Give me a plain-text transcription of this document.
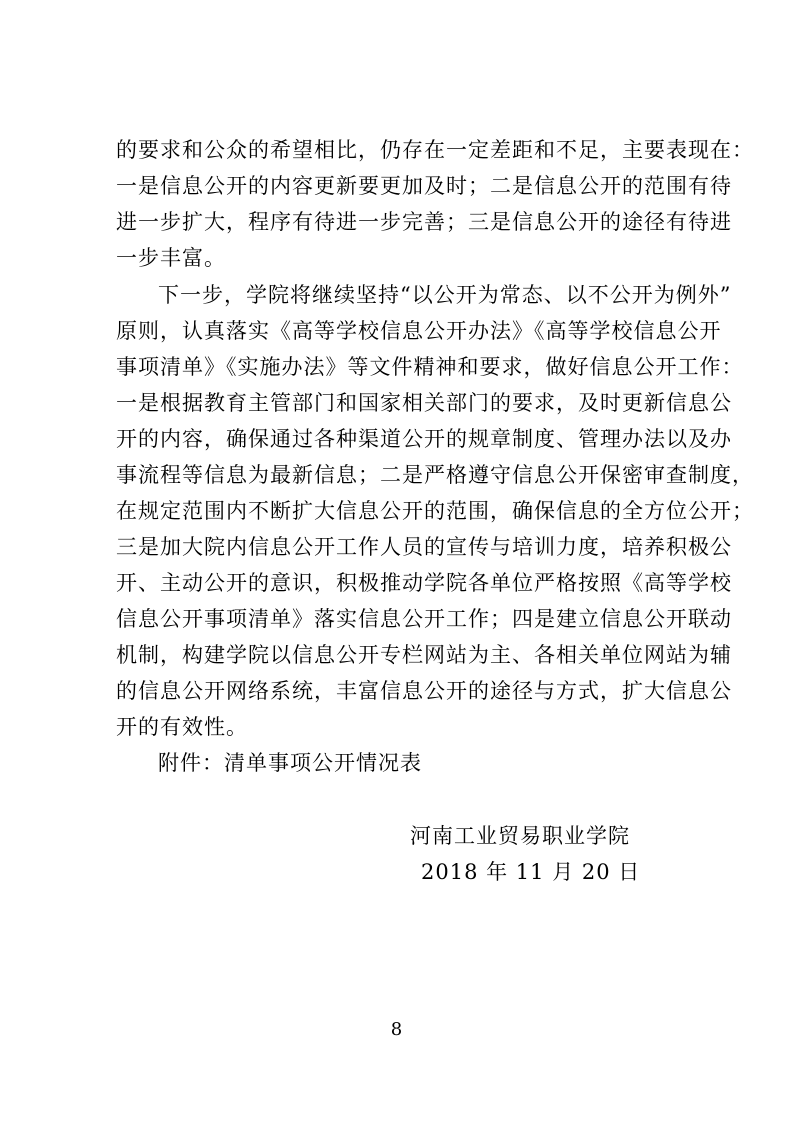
的要求和公众的希望相比，仍存在一定差距和不足，主要表现在：
一是信息公开的内容更新要更加及时；二是信息公开的范围有待
进一步扩大，程序有待进一步完善；三是信息公开的途径有待进
一步丰富。
下一步，学院将继续坚持“以公开为常态、以不公开为例外”
原则，认真落实《高等学校信息公开办法》《高等学校信息公开
事项清单》《实施办法》等文件精神和要求，做好信息公开工作：
一是根据教育主管部门和国家相关部门的要求，及时更新信息公
开的内容，确保通过各种渠道公开的规章制度、管理办法以及办
事流程等信息为最新信息；二是严格遵守信息公开保密审查制度，
在规定范围内不断扩大信息公开的范围，确保信息的全方位公开；
三是加大院内信息公开工作人员的宣传与培训力度，培养积极公
开、主动公开的意识，积极推动学院各单位严格按照《高等学校
信息公开事项清单》落实信息公开工作；四是建立信息公开联动
机制，构建学院以信息公开专栏网站为主、各相关单位网站为辅
的信息公开网络系统，丰富信息公开的途径与方式，扩大信息公
开的有效性。
附件：清单事项公开情况表
河南工业贸易职业学院
2018 年 11 月 20 日
8
